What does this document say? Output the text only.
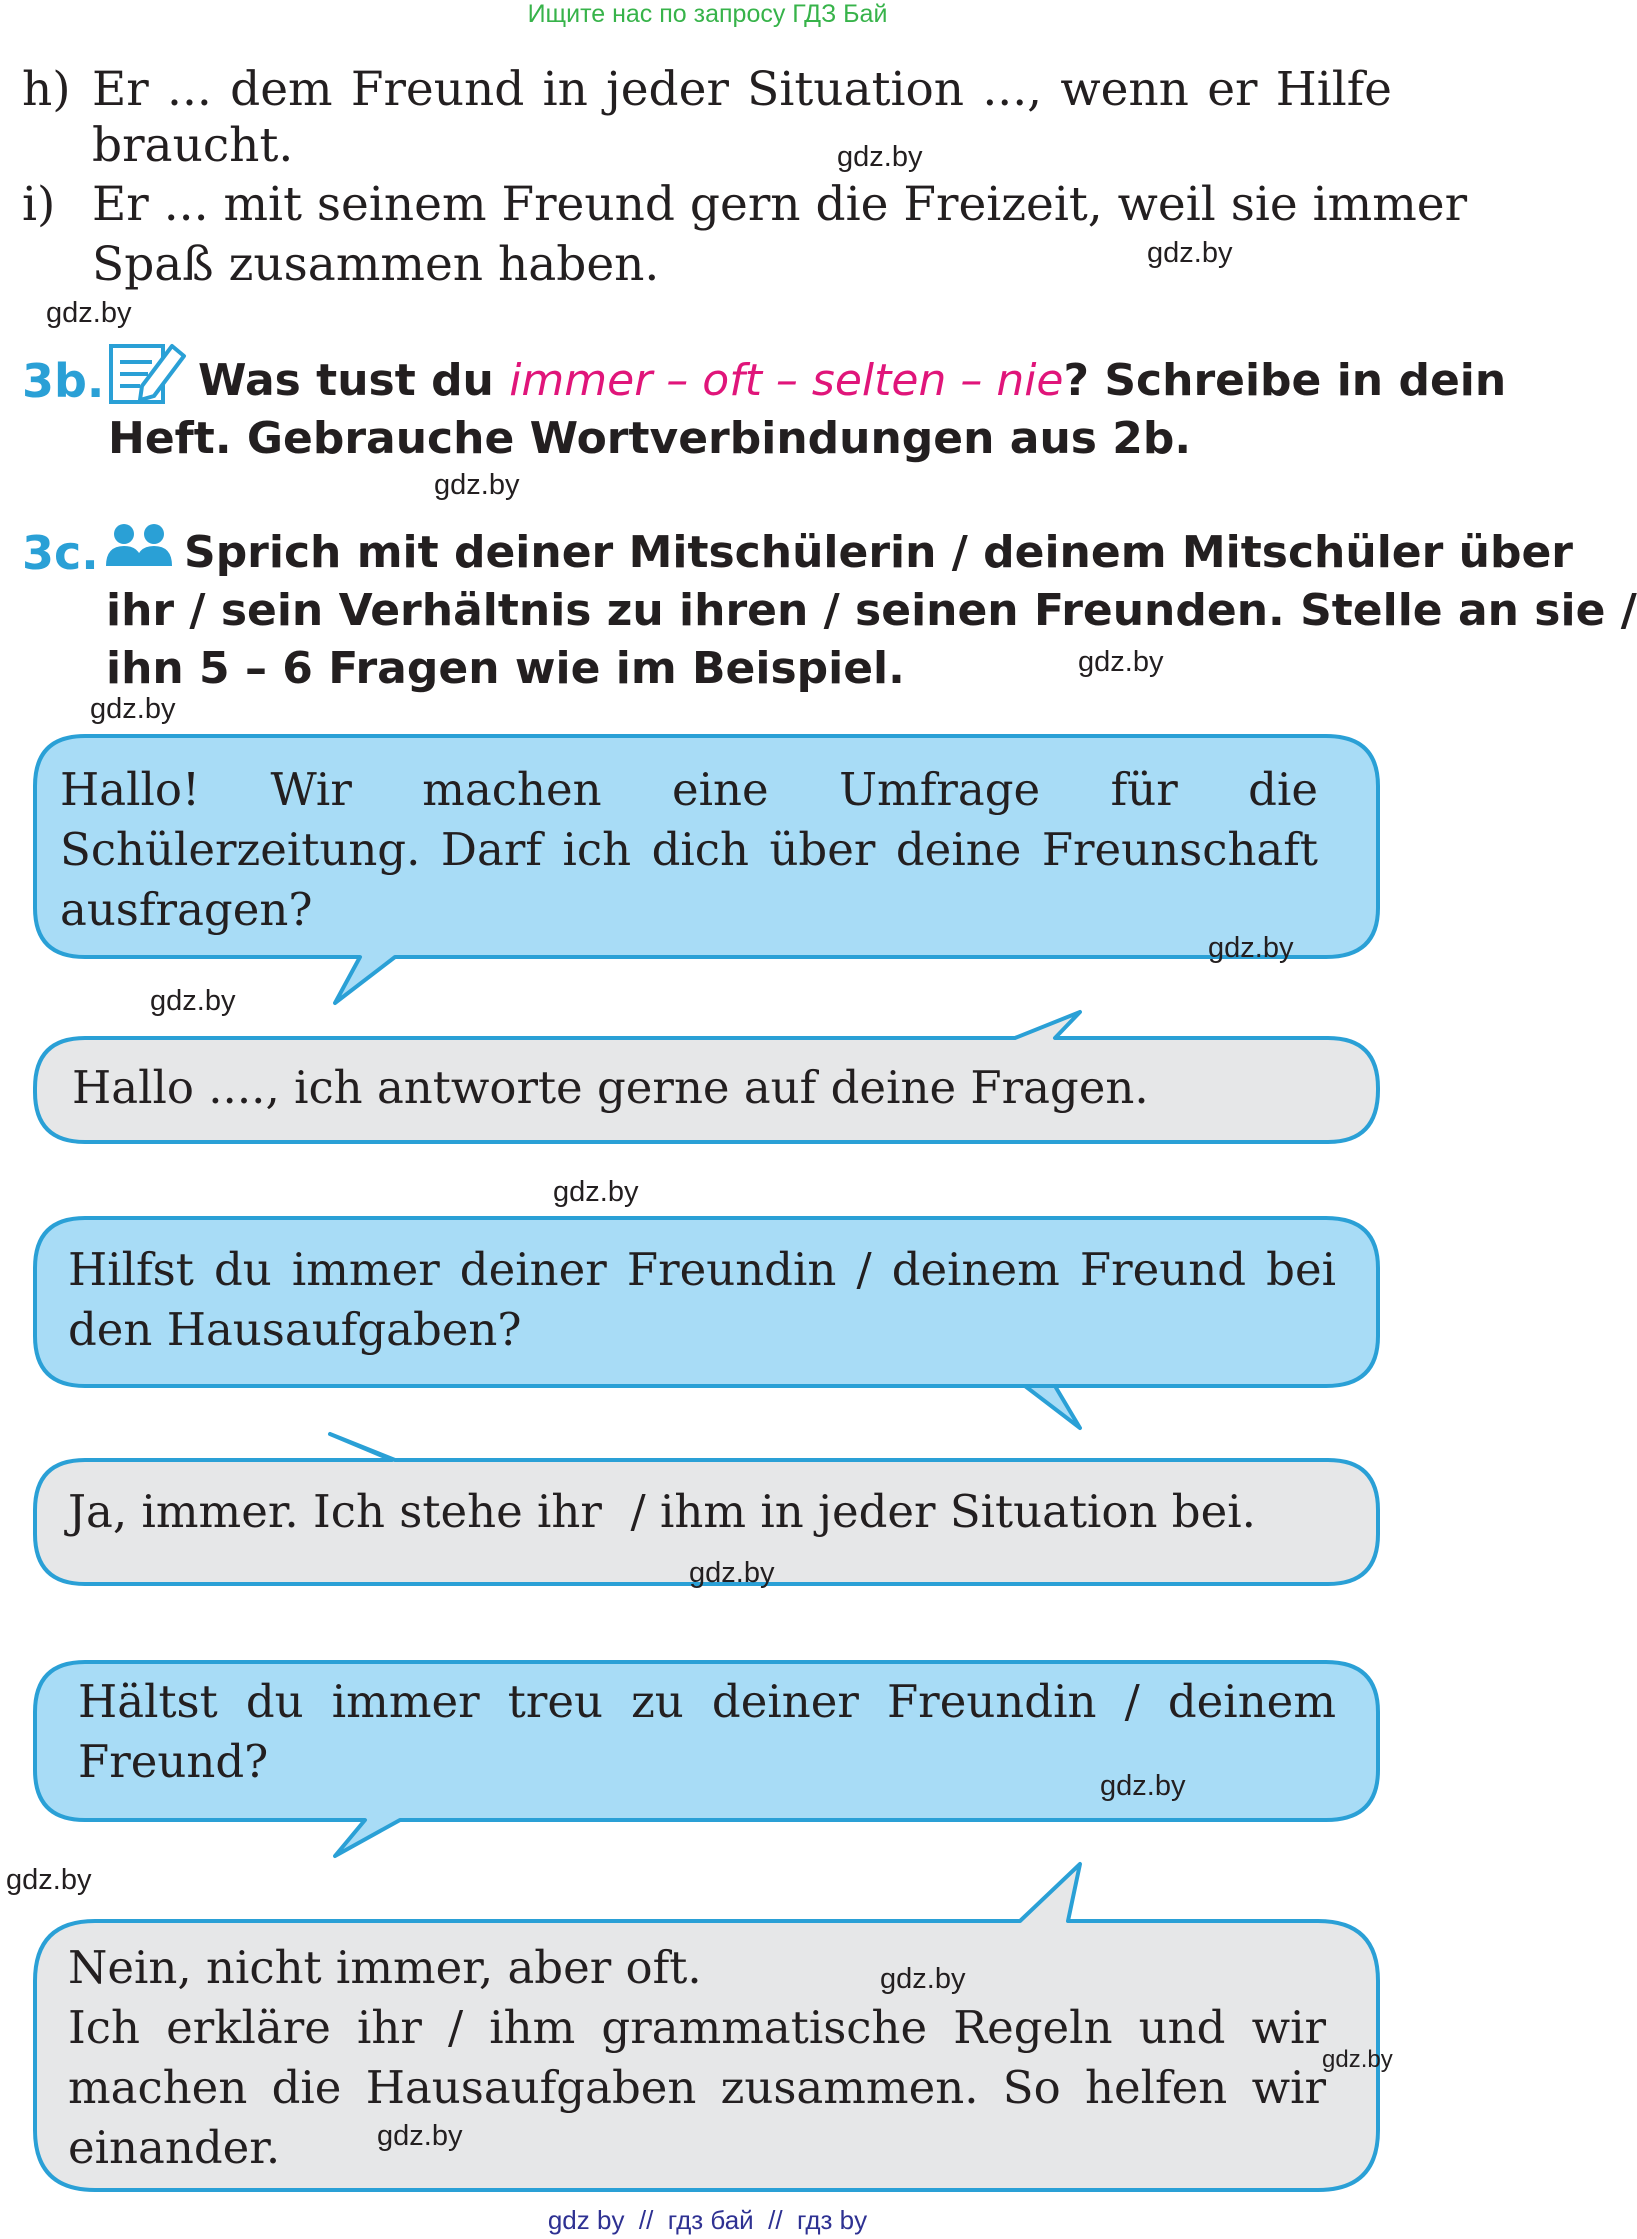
Ищите нас по запросу ГДЗ Бай
h) Er ... dem Freund in jeder Situation ..., wenn er Hilfe
braucht.
i) Er ... mit seinem Freund gern die Freizeit, weil sie immer
Spaß zusammen haben.
3b. Was tust du immer – oft – selten – nie? Schreibe in dein
Heft. Gebrauche Wortverbindungen aus 2b.
3c. Sprich mit deiner Mitschülerin / deinem Mitschüler über
ihr / sein Verhältnis zu ihren / seinen Freunden. Stelle an sie /
ihn 5 – 6 Fragen wie im Beispiel.
Hallo! Wir machen eine Umfrage für die
Schülerzeitung. Darf ich dich über deine Freunschaft
ausfragen?
Hallo ...., ich antworte gerne auf deine Fragen.
Hilfst du immer deiner Freundin / deinem Freund bei
den Hausaufgaben?
Ja, immer. Ich stehe ihr  / ihm in jeder Situation bei.
Hältst du immer treu zu deiner Freundin / deinem
Freund?
Nein, nicht immer, aber oft.
Ich erkläre ihr / ihm grammatische Regeln und wir
machen die Hausaufgaben zusammen. So helfen wir
einander.
gdz.by
gdz.by
gdz.by
gdz.by
gdz.by
gdz.by
gdz.by
gdz.by
gdz.by
gdz.by
gdz.by
gdz.by
gdz.by
gdz.by
gdz.by
gdz by  //  гдз бай  //  гдз by
